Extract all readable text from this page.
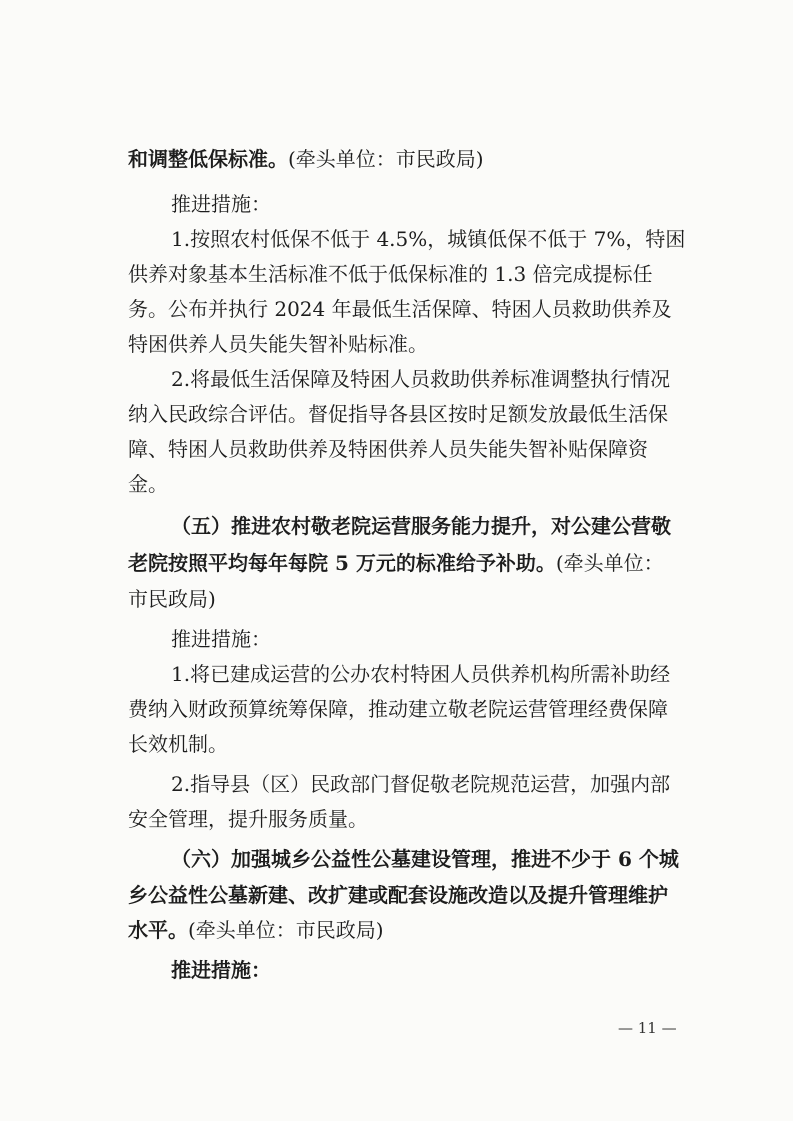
和调整低保标准。(牵头单位：市民政局)
推进措施：
1.按照农村低保不低于 4.5%，城镇低保不低于 7%，特困
供养对象基本生活标准不低于低保标准的 1.3 倍完成提标任
务。公布并执行 2024 年最低生活保障、特困人员救助供养及
特困供养人员失能失智补贴标准。
2.将最低生活保障及特困人员救助供养标准调整执行情况
纳入民政综合评估。督促指导各县区按时足额发放最低生活保
障、特困人员救助供养及特困供养人员失能失智补贴保障资
金。
（五）推进农村敬老院运营服务能力提升，对公建公营敬
老院按照平均每年每院 5 万元的标准给予补助。(牵头单位：
市民政局)
推进措施：
1.将已建成运营的公办农村特困人员供养机构所需补助经
费纳入财政预算统筹保障，推动建立敬老院运营管理经费保障
长效机制。
2.指导县（区）民政部门督促敬老院规范运营，加强内部
安全管理，提升服务质量。
（六）加强城乡公益性公墓建设管理，推进不少于 6 个城
乡公益性公墓新建、改扩建或配套设施改造以及提升管理维护
水平。(牵头单位：市民政局)
推进措施：
— 11 —
